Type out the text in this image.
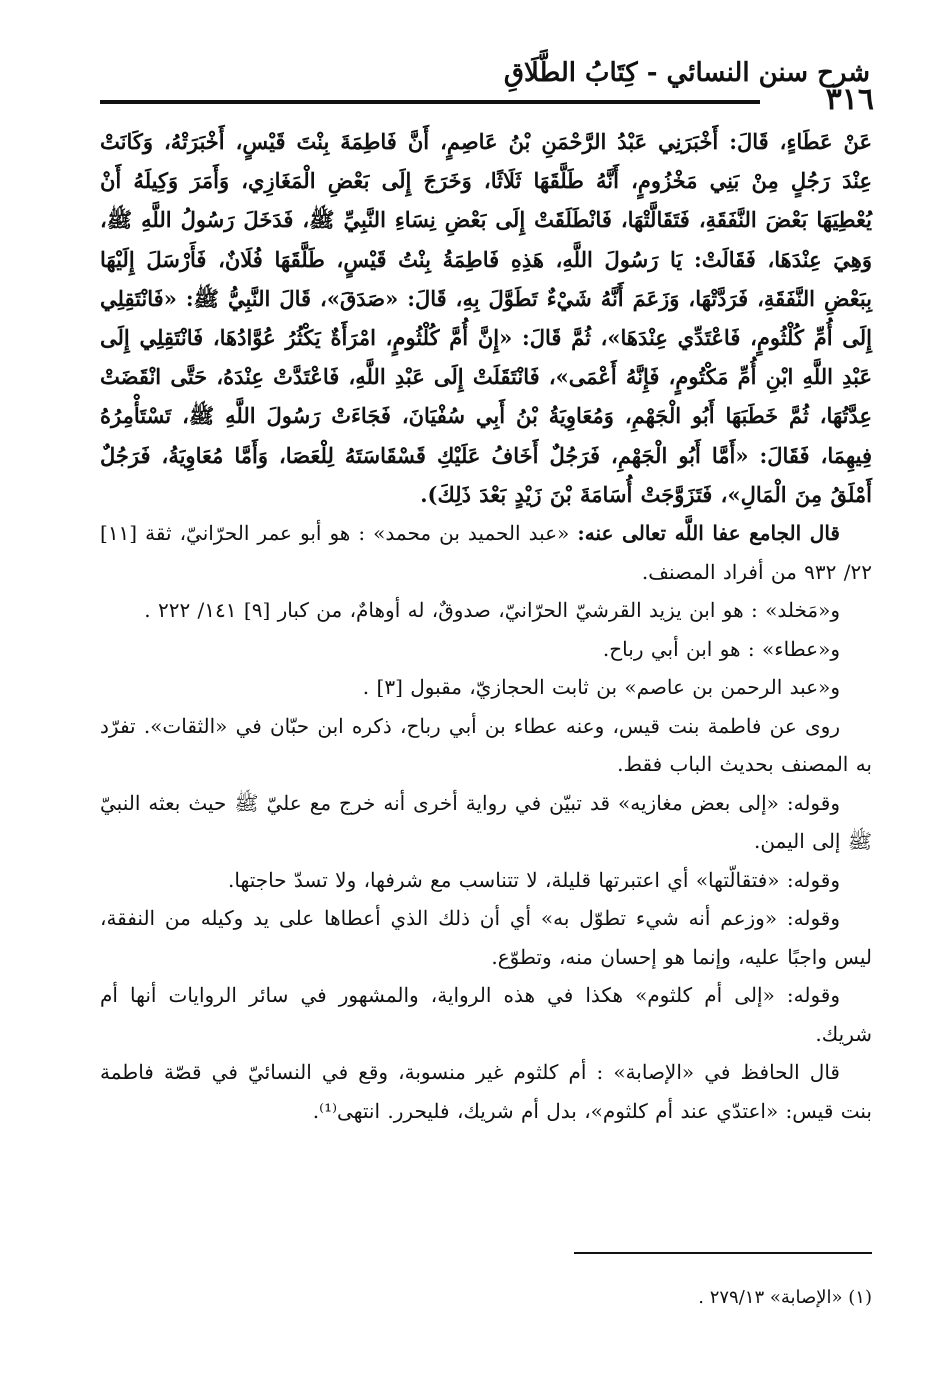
شرح سنن النسائي - كِتَابُ الطَّلَاقِ
٣١٦

عَنْ عَطَاءٍ، قَالَ: أَخْبَرَنِي عَبْدُ الرَّحْمَنِ بْنُ عَاصِمٍ، أَنَّ فَاطِمَةَ بِنْتَ قَيْسٍ، أَخْبَرَتْهُ، وَكَانَتْ عِنْدَ رَجُلٍ مِنْ بَنِي مَخْزُومٍ، أَنَّهُ طَلَّقَهَا ثَلَاثًا، وَخَرَجَ إِلَى بَعْضِ الْمَغَازِي، وَأَمَرَ وَكِيلَهُ أَنْ يُعْطِيَهَا بَعْضَ النَّفَقَةِ، فَتَقَالَّتْهَا، فَانْطَلَقَتْ إِلَى بَعْضِ نِسَاءِ النَّبِيِّ ﷺ، فَدَخَلَ رَسُولُ اللَّهِ ﷺ، وَهِيَ عِنْدَهَا، فَقَالَتْ: يَا رَسُولَ اللَّهِ، هَذِهِ فَاطِمَةُ بِنْتُ قَيْسٍ، طَلَّقَهَا فُلَانٌ، فَأَرْسَلَ إِلَيْهَا بِبَعْضِ النَّفَقَةِ، فَرَدَّتْهَا، وَزَعَمَ أَنَّهُ شَيْءٌ تَطَوَّلَ بِهِ، قَالَ: «صَدَقَ»، قَالَ النَّبِيُّ ﷺ: «فَانْتَقِلِي إِلَى أُمِّ كُلْثُومٍ، فَاعْتَدِّي عِنْدَهَا»، ثُمَّ قَالَ: «إِنَّ أُمَّ كُلْثُومٍ، امْرَأَةٌ يَكْثُرُ عُوَّادُهَا، فَانْتَقِلِي إِلَى عَبْدِ اللَّهِ ابْنِ أُمِّ مَكْتُومٍ، فَإِنَّهُ أَعْمَى»، فَانْتَقَلَتْ إِلَى عَبْدِ اللَّهِ، فَاعْتَدَّتْ عِنْدَهُ، حَتَّى انْقَضَتْ عِدَّتُهَا، ثُمَّ خَطَبَهَا أَبُو الْجَهْمِ، وَمُعَاوِيَةُ بْنُ أَبِي سُفْيَانَ، فَجَاءَتْ رَسُولَ اللَّهِ ﷺ، تَسْتَأْمِرُهُ فِيهِمَا، فَقَالَ: «أَمَّا أَبُو الْجَهْمِ، فَرَجُلٌ أَخَافُ عَلَيْكِ قَسْقَاسَتَهُ لِلْعَصَا، وَأَمَّا مُعَاوِيَةُ، فَرَجُلٌ أَمْلَقُ مِنَ الْمَالِ»، فَتَزَوَّجَتْ أُسَامَةَ بْنَ زَيْدٍ بَعْدَ ذَلِكَ).

قال الجامع عفا اللَّه تعالى عنه: «عبد الحميد بن محمد» : هو أبو عمر الحرّانيّ، ثقة [١١] ٢٢/ ٩٣٢ من أفراد المصنف.

و«مَخلد» : هو ابن يزيد القرشيّ الحرّانيّ، صدوقٌ، له أوهامٌ، من كبار [٩] ١٤١/ ٢٢٢ .

و«عطاء» : هو ابن أبي رباح.

و«عبد الرحمن بن عاصم» بن ثابت الحجازيّ، مقبول [٣] .

روى عن فاطمة بنت قيس، وعنه عطاء بن أبي رباح، ذكره ابن حبّان في «الثقات». تفرّد به المصنف بحديث الباب فقط.

وقوله: «إلى بعض مغازيه» قد تبيّن في رواية أخرى أنه خرج مع عليّ ﷺ حيث بعثه النبيّ ﷺ إلى اليمن.

وقوله: «فتقالّتها» أي اعتبرتها قليلة، لا تتناسب مع شرفها، ولا تسدّ حاجتها.

وقوله: «وزعم أنه شيء تطوّل به» أي أن ذلك الذي أعطاها على يد وكيله من النفقة، ليس واجبًا عليه، وإنما هو إحسان منه، وتطوّع.

وقوله: «إلى أم كلثوم» هكذا في هذه الرواية، والمشهور في سائر الروايات أنها أم شريك.

قال الحافظ في «الإصابة» : أم كلثوم غير منسوبة، وقع في النسائيّ في قصّة فاطمة بنت قيس: «اعتدّي عند أم كلثوم»، بدل أم شريك، فليحرر. انتهى⁽¹⁾.

(١) «الإصابة» ٢٧٩/١٣ .
